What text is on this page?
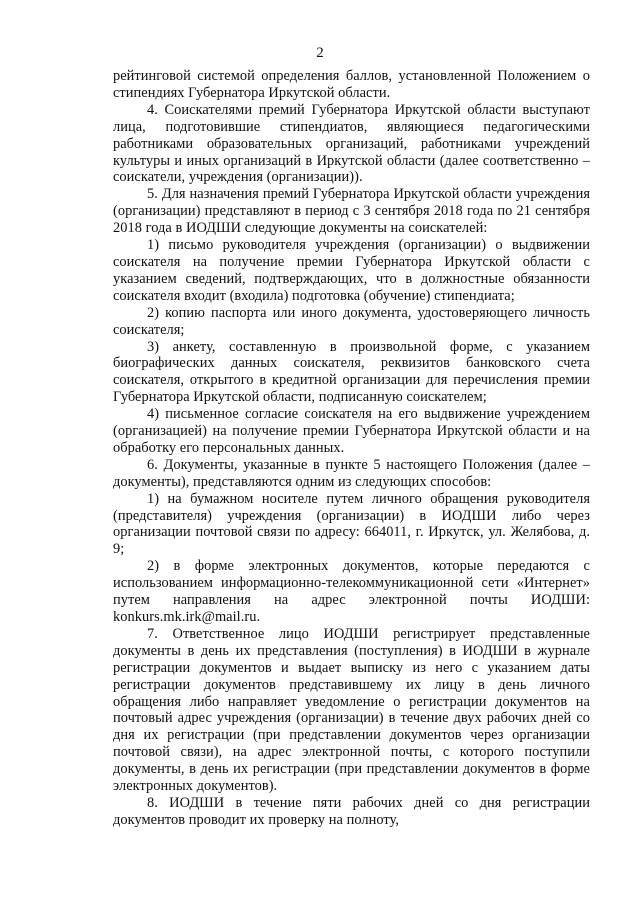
2

рейтинговой системой определения баллов, установленной Положением о стипендиях Губернатора Иркутской области.

4. Соискателями премий Губернатора Иркутской области выступают лица, подготовившие стипендиатов, являющиеся педагогическими работниками образовательных организаций, работниками учреждений культуры и иных организаций в Иркутской области (далее соответственно – соискатели, учреждения (организации)).

5. Для назначения премий Губернатора Иркутской области учреждения (организации) представляют в период с 3 сентября 2018 года по 21 сентября 2018 года в ИОДШИ следующие документы на соискателей:

1) письмо руководителя учреждения (организации) о выдвижении соискателя на получение премии Губернатора Иркутской области с указанием сведений, подтверждающих, что в должностные обязанности соискателя входит (входила) подготовка (обучение) стипендиата;

2) копию паспорта или иного документа, удостоверяющего личность соискателя;

3) анкету, составленную в произвольной форме, с указанием биографических данных соискателя, реквизитов банковского счета соискателя, открытого в кредитной организации для перечисления премии Губернатора Иркутской области, подписанную соискателем;

4) письменное согласие соискателя на его выдвижение учреждением (организацией) на получение премии Губернатора Иркутской области и на обработку его персональных данных.

6. Документы, указанные в пункте 5 настоящего Положения (далее – документы), представляются одним из следующих способов:

1) на бумажном носителе путем личного обращения руководителя (представителя) учреждения (организации) в ИОДШИ либо через организации почтовой связи по адресу: 664011, г. Иркутск, ул. Желябова, д. 9;

2) в форме электронных документов, которые передаются с использованием информационно-телекоммуникационной сети «Интернет» путем направления на адрес электронной почты ИОДШИ: konkurs.mk.irk@mail.ru.

7. Ответственное лицо ИОДШИ регистрирует представленные документы в день их представления (поступления) в ИОДШИ в журнале регистрации документов и выдает выписку из него с указанием даты регистрации документов представившему их лицу в день личного обращения либо направляет уведомление о регистрации документов на почтовый адрес учреждения (организации) в течение двух рабочих дней со дня их регистрации (при представлении документов через организации почтовой связи), на адрес электронной почты, с которого поступили документы, в день их регистрации (при представлении документов в форме электронных документов).

8. ИОДШИ в течение пяти рабочих дней со дня регистрации документов проводит их проверку на полноту,
